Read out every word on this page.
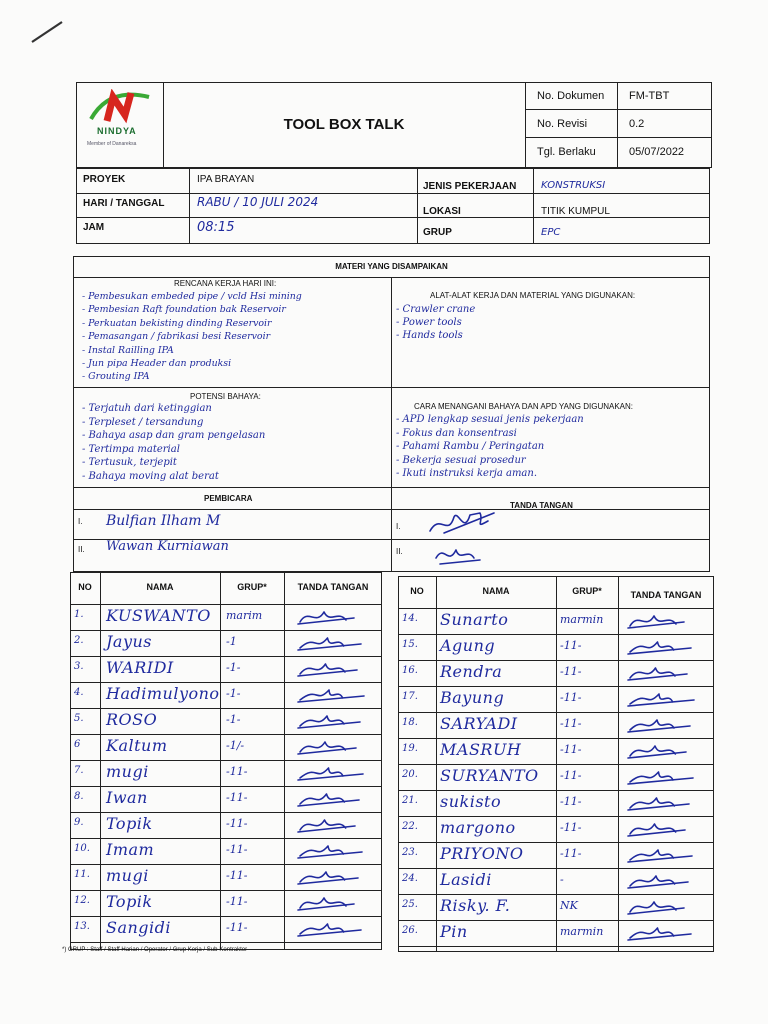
NINDYA
Member of Danareksa
TOOL BOX TALK
No. Dokumen	FM-TBT
No. Revisi	0.2
Tgl. Berlaku	05/07/2022
PROYEK	IPA BRAYAN
HARI / TANGGAL	RABU / 10 JULI 2024
JAM	08:15
JENIS PEKERJAAN KONSTRUKSI
LOKASI	TITIK KUMPUL
GRUP	EPC
MATERI YANG DISAMPAIKAN
RENCANA KERJA HARI INI:
- Pembesukan embeded pipe / vcld Hsi mining
- Pembesian Raft foundation bak Reservoir
- Perkuatan bekisting dinding Reservoir
- Pemasangan / fabrikasi besi Reservoir
- Instal Railling IPA
- Jun pipa Header dan produksi
- Grouting IPA
ALAT-ALAT KERJA DAN MATERIAL YANG DIGUNAKAN:
- Crawler crane
- Power tools
- Hands tools
POTENSI BAHAYA:
- Terjatuh dari ketinggian
- Terpleset / tersandung
- Bahaya asap dan gram pengelasan
- Tertimpa material
- Tertusuk, terjepit
- Bahaya moving alat berat
CARA MENANGANI BAHAYA DAN APD YANG DIGUNAKAN:
- APD lengkap sesuai jenis pekerjaan
- Fokus dan konsentrasi
- Pahami Rambu / Peringatan
- Bekerja sesuai prosedur
- Ikuti instruksi kerja aman.
PEMBICARA
TANDA TANGAN
I. Bulfian Ilham M
II. Wawan Kurniawan
I.
II.
NO	NAMA	GRUP*	TANDA TANGAN
1. KUSWANTO marim
2. Jayus	-1
3. WARIDI	-1-
4. Hadimulyono -1-
5. ROSO	-1-
6 Kaltum	-1/-
7. mugi	-11-
8. Iwan	-11-
9. Topik	-11-
10. Imam	-11-
11. mugi	-11-
12. Topik	-11-
13. Sangidi	-11-
NO	NAMA	GRUP*	TANDA TANGAN
14. Sunarto	marmin
15. Agung	-11-
16. Rendra	-11-
17. Bayung	-11-
18. SARYADI	-11-
19. MASRUH	-11-
20. SURYANTO -11-
21. sukisto	-11-
22. margono	-11-
23. PRIYONO	-11-
24. Lasidi	-
25. Risky. F.	NK
26. Pin	marmin
*) GRUP : Staff / Staff Harian / Operator / Grup Kerja / Sub-Kontraktor
